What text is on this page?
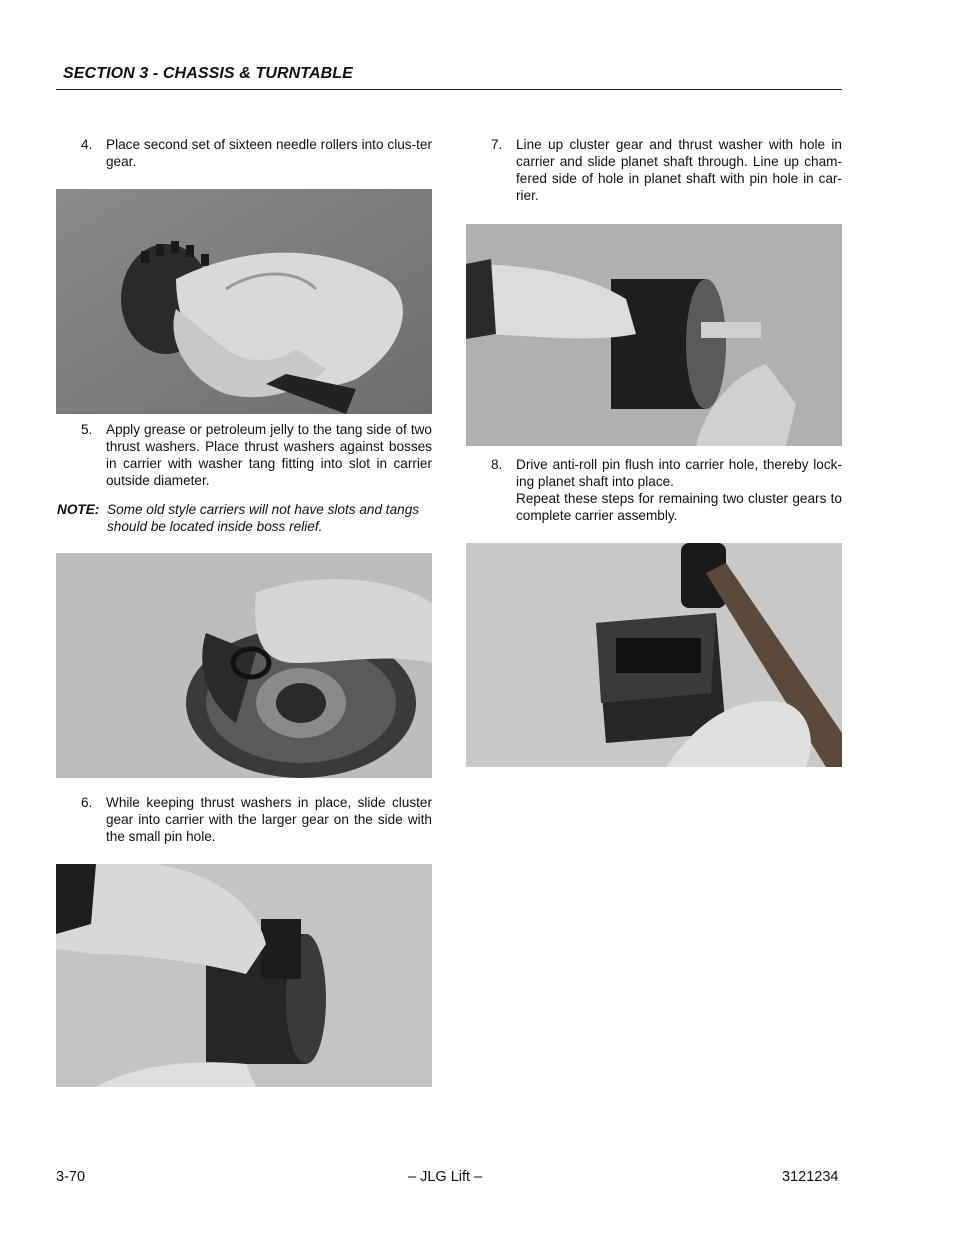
SECTION 3 - CHASSIS & TURNTABLE
4. Place second set of sixteen needle rollers into clus-ter gear.
5. Apply grease or petroleum jelly to the tang side of two thrust washers. Place thrust washers against bosses in carrier with washer tang fitting into slot in carrier outside diameter.
NOTE: Some old style carriers will not have slots and tangs should be located inside boss relief.
6. While keeping thrust washers in place, slide cluster gear into carrier with the larger gear on the side with the small pin hole.
7. Line up cluster gear and thrust washer with hole in carrier and slide planet shaft through. Line up cham-fered side of hole in planet shaft with pin hole in car-rier.
8. Drive anti-roll pin flush into carrier hole, thereby lock-ing planet shaft into place.

Repeat these steps for remaining two cluster gears to complete carrier assembly.

3-70	– JLG Lift –	3121234
